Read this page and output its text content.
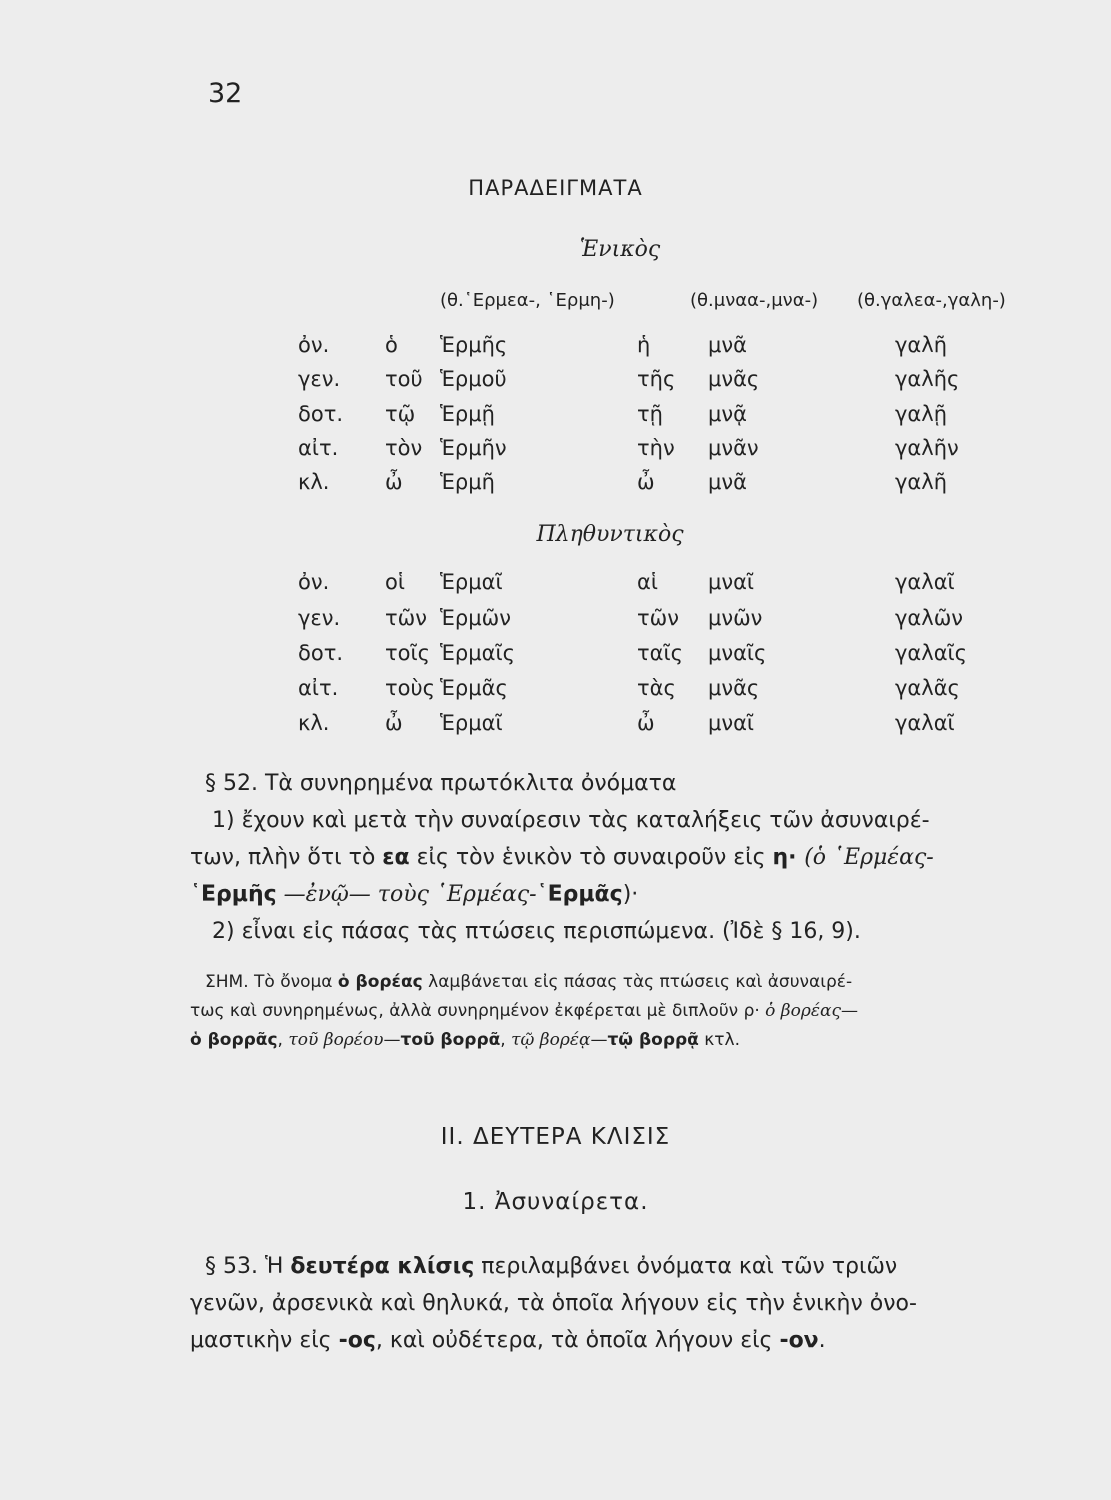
32
ΠΑΡΑΔΕΙΓΜΑΤΑ
Ἑνικὸς
(θ.῾Ερμεα-, ῾Ερμη-)	(θ.μναα-,μνα-) (θ.γαλεα-,γαλη-)
ὀν.	ὁ Ἑρμῆς	ἡ	μνᾶ	γαλῆ
γεν. τοῦ Ἑρμοῦ	τῆς μνᾶς	γαλῆς
δοτ. τῷ Ἑρμῇ	τῇ μνᾷ	γαλῇ
αἰτ. τὸν Ἑρμῆν	τὴν μνᾶν	γαλῆν
κλ.	ὦ Ἑρμῆ	ὦ	μνᾶ	γαλῆ
Πληθυντικὸς
ὀν.	οἱ Ἑρμαῖ	αἱ μναῖ	γαλαῖ
γεν. τῶν Ἑρμῶν	τῶν μνῶν	γαλῶν
δοτ. τοῖς Ἑρμαῖς	ταῖς μναῖς	γαλαῖς
αἰτ. τοὺς Ἑρμᾶς	τὰς μνᾶς	γαλᾶς
κλ.	ὦ Ἑρμαῖ	ὦ	μναῖ	γαλαῖ
§ 52. Τὰ συνηρημένα πρωτόκλιτα ὀνόματα
1) ἔχουν καὶ μετὰ τὴν συναίρεσιν τὰς καταλήξεις τῶν ἀσυναιρέ-
των, πλὴν ὅτι τὸ εα εἰς τὸν ἑνικὸν τὸ συναιροῦν εἰς η· (ὁ ῾Ερμέας-
῾Ερμῆς —ἐνῷ— τοὺς ῾Ερμέας-῾Ερμᾶς)·
2) εἶναι εἰς πάσας τὰς πτώσεις περισπώμενα. (Ἰδὲ § 16, 9).
ΣΗΜ. Τὸ ὄνομα ὁ βορέας λαμβάνεται εἰς πάσας τὰς πτώσεις καὶ ἀσυναιρέ-
τως καὶ συνηρημένως, ἀλλὰ συνηρημένον ἐκφέρεται μὲ διπλοῦν ρ· ὁ βορέας—
ὁ βορρᾶς, τοῦ βορέου—τοῦ βορρᾶ, τῷ βορέᾳ—τῷ βορρᾷ κτλ.
II. ΔΕΥΤΕΡΑ ΚΛΙΣΙΣ
1. Ἀσυναίρετα.
§ 53. Ἡ δευτέρα κλίσις περιλαμβάνει ὀνόματα καὶ τῶν τριῶν
γενῶν, ἀρσενικὰ καὶ θηλυκά, τὰ ὁποῖα λήγουν εἰς τὴν ἑνικὴν ὀνο-
μαστικὴν εἰς -ος, καὶ οὐδέτερα, τὰ ὁποῖα λήγουν εἰς -ον.
